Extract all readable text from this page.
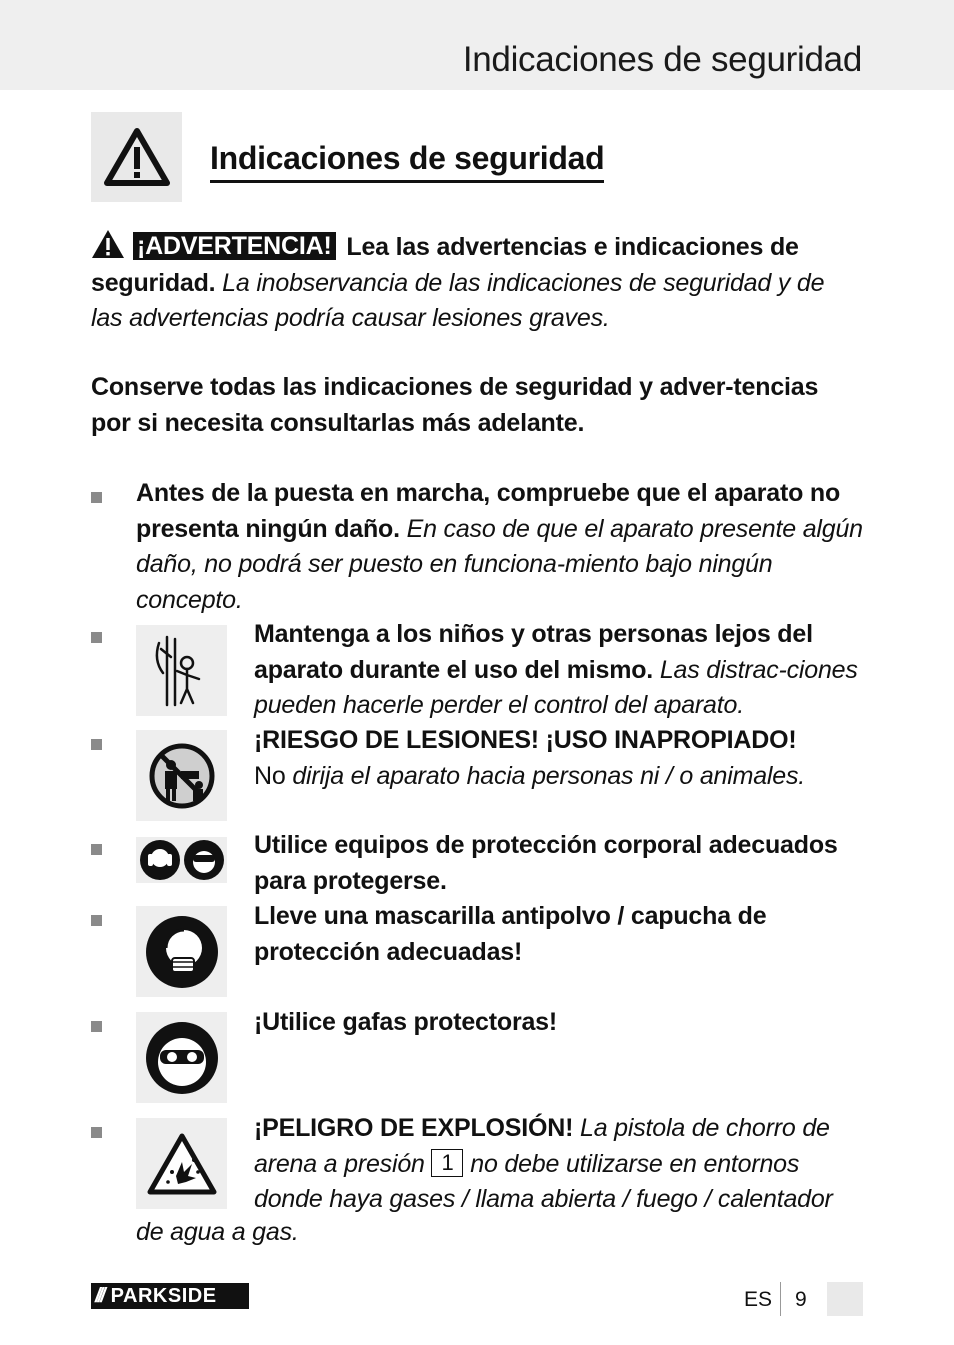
Indicaciones de seguridad
Indicaciones de seguridad

¡ADVERTENCIA! Lea las advertencias e indicaciones de seguridad. La inobservancia de las indicaciones de seguridad y de las advertencias podría causar lesiones graves.

Conserve todas las indicaciones de seguridad y adver-tencias por si necesita consultarlas más adelante.

Antes de la puesta en marcha, compruebe que el aparato no presenta ningún daño. En caso de que el aparato presente algún daño, no podrá ser puesto en funciona-miento bajo ningún concepto.

Mantenga a los niños y otras personas lejos del aparato durante el uso del mismo. Las distrac-ciones pueden hacerle perder el control del aparato.

¡RIESGO DE LESIONES! ¡USO INAPROPIADO!
No dirija el aparato hacia personas ni / o animales.

Utilice equipos de protección corporal adecuados para protegerse.

Lleve una mascarilla antipolvo / capucha de protección adecuadas!

¡Utilice gafas protectoras!

¡PELIGRO DE EXPLOSIÓN! La pistola de chorro de arena a presión 1 no debe utilizarse en entornos donde haya gases / llama abierta / fuego / calentador

de agua a gas.

/// PARKSIDE	ES 9
